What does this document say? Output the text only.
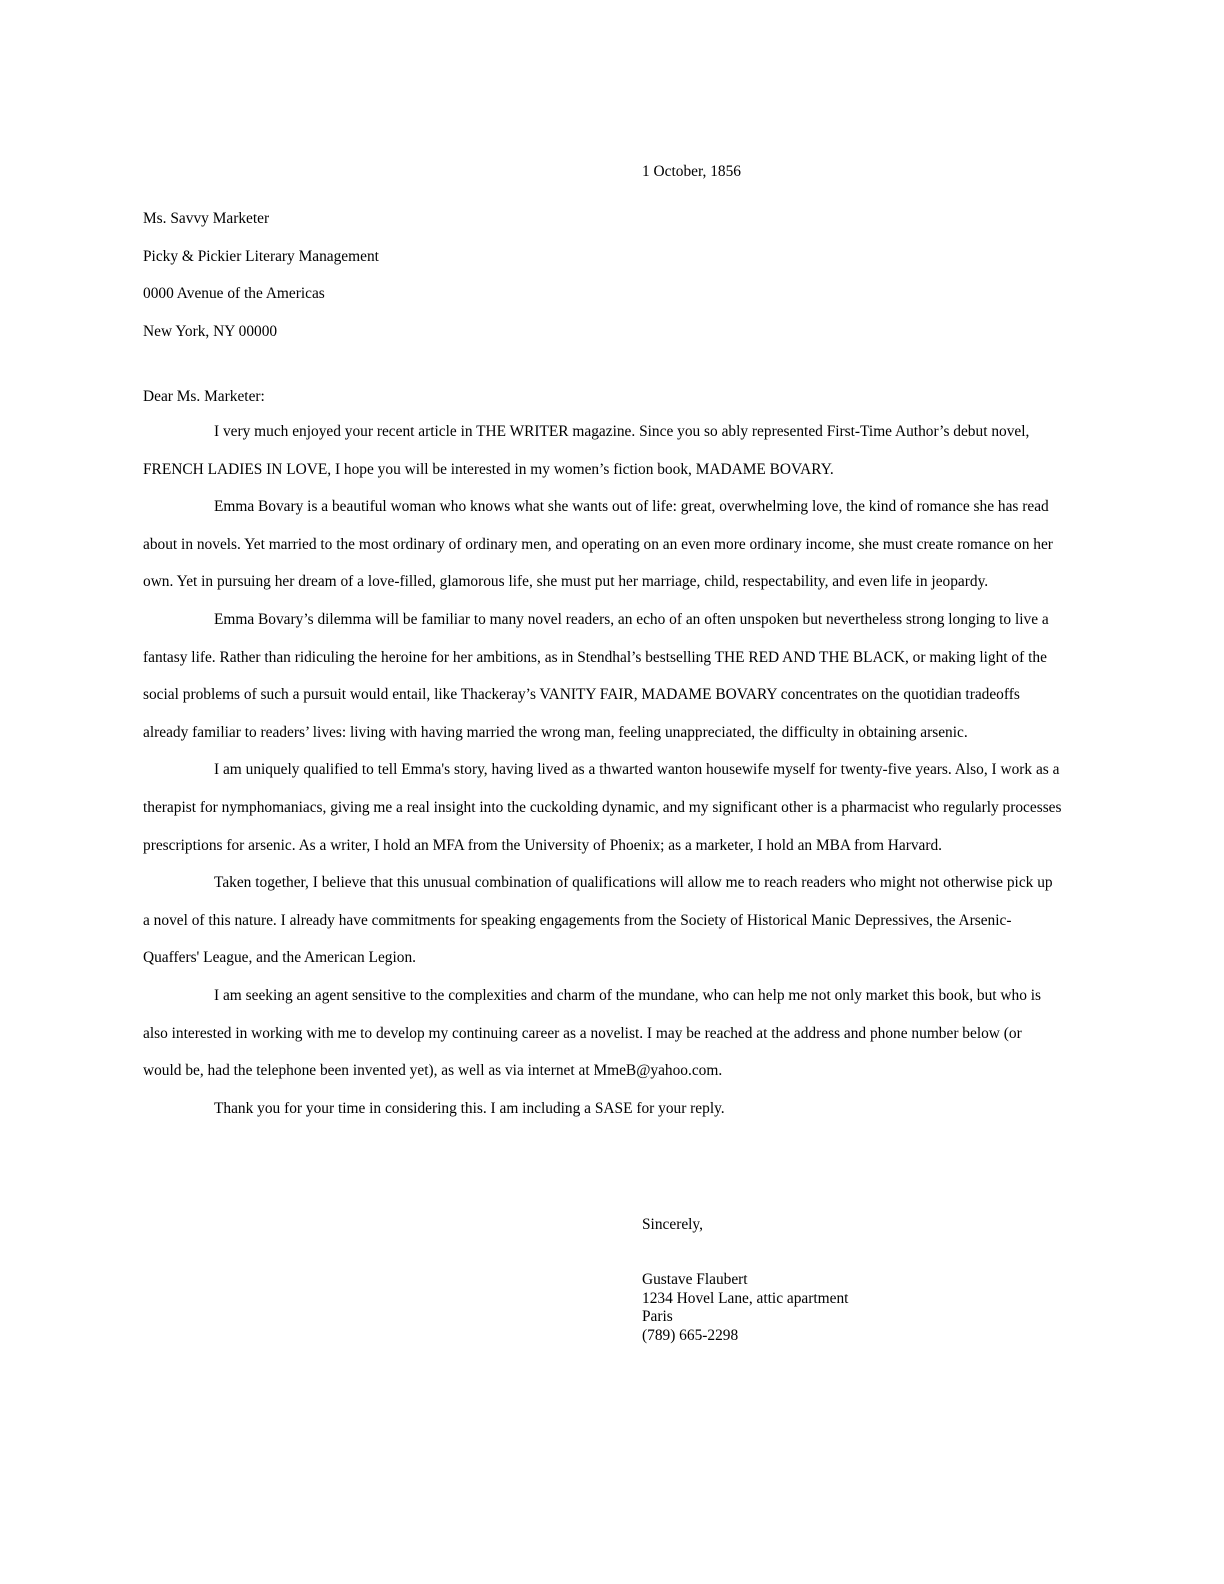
1 October, 1856
Ms. Savvy Marketer
Picky & Pickier Literary Management
0000 Avenue of the Americas
New York, NY 00000
Dear Ms. Marketer:

I very much enjoyed your recent article in THE WRITER magazine. Since you so ably represented First-Time Author’s debut novel, FRENCH LADIES IN LOVE, I hope you will be interested in my women’s fiction book, MADAME BOVARY.

Emma Bovary is a beautiful woman who knows what she wants out of life: great, overwhelming love, the kind of romance she has read about in novels. Yet married to the most ordinary of ordinary men, and operating on an even more ordinary income, she must create romance on her own. Yet in pursuing her dream of a love-filled, glamorous life, she must put her marriage, child, respectability, and even life in jeopardy.

Emma Bovary’s dilemma will be familiar to many novel readers, an echo of an often unspoken but nevertheless strong longing to live a fantasy life. Rather than ridiculing the heroine for her ambitions, as in Stendhal’s bestselling THE RED AND THE BLACK, or making light of the social problems of such a pursuit would entail, like Thackeray’s VANITY FAIR, MADAME BOVARY concentrates on the quotidian tradeoffs already familiar to readers’ lives: living with having married the wrong man, feeling unappreciated, the difficulty in obtaining arsenic.

I am uniquely qualified to tell Emma's story, having lived as a thwarted wanton housewife myself for twenty-five years. Also, I work as a therapist for nymphomaniacs, giving me a real insight into the cuckolding dynamic, and my significant other is a pharmacist who regularly processes prescriptions for arsenic. As a writer, I hold an MFA from the University of Phoenix; as a marketer, I hold an MBA from Harvard.

Taken together, I believe that this unusual combination of qualifications will allow me to reach readers who might not otherwise pick up a novel of this nature. I already have commitments for speaking engagements from the Society of Historical Manic Depressives, the Arsenic-Quaffers' League, and the American Legion.

I am seeking an agent sensitive to the complexities and charm of the mundane, who can help me not only market this book, but who is also interested in working with me to develop my continuing career as a novelist. I may be reached at the address and phone number below (or would be, had the telephone been invented yet), as well as via internet at MmeB@yahoo.com.

Thank you for your time in considering this. I am including a SASE for your reply.

Sincerely,
Gustave Flaubert
1234 Hovel Lane, attic apartment
Paris
(789) 665-2298
